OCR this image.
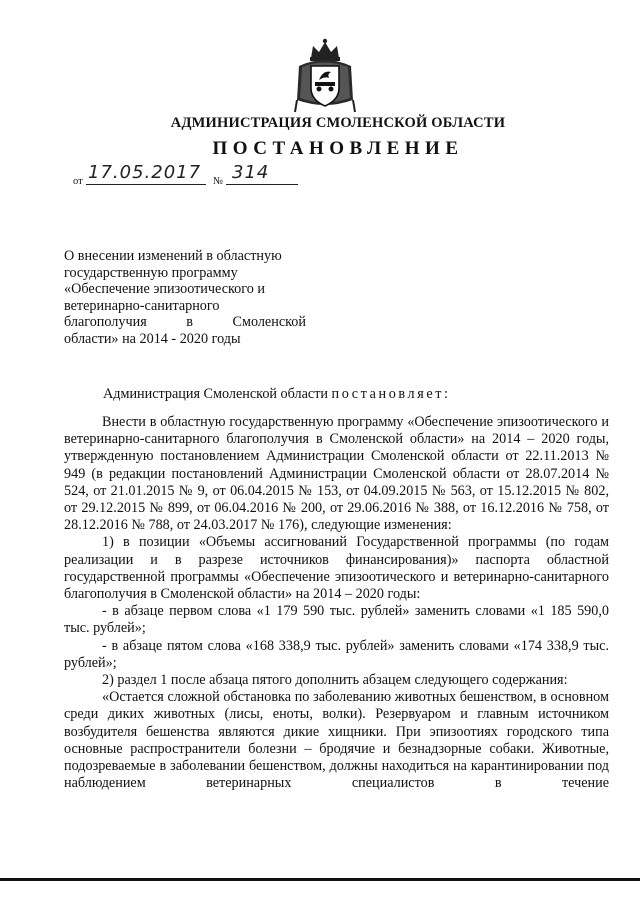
АДМИНИСТРАЦИЯ СМОЛЕНСКОЙ ОБЛАСТИ
ПОСТАНОВЛЕНИЕ
от 17.05.2017 № 314
О внесении изменений в областную
государственную программу
«Обеспечение эпизоотического и
ветеринарно-санитарного
благополучия	в	Смоленской
области» на 2014 - 2020 годы
Администрация Смоленской области постановляет:

Внести в областную государственную программу «Обеспечение эпизоотического и ветеринарно-санитарного благополучия в Смоленской области» на 2014 – 2020 годы, утвержденную постановлением Администрации Смоленской области от 22.11.2013 № 949 (в редакции постановлений Администрации Смоленской области от 28.07.2014 № 524, от 21.01.2015 № 9, от 06.04.2015 № 153, от 04.09.2015 № 563, от 15.12.2015 № 802, от 29.12.2015 № 899, от 06.04.2016 № 200, от 29.06.2016 № 388, от 16.12.2016 № 758, от 28.12.2016 № 788, от 24.03.2017 № 176), следующие изменения:

1) в позиции «Объемы ассигнований Государственной программы (по годам реализации и в разрезе источников финансирования)» паспорта областной государственной программы «Обеспечение эпизоотического и ветеринарно-санитарного благополучия в Смоленской области» на 2014 – 2020 годы:

- в абзаце первом слова «1 179 590 тыс. рублей» заменить словами «1 185 590,0 тыс. рублей»;

- в абзаце пятом слова «168 338,9 тыс. рублей» заменить словами «174 338,9 тыс. рублей»;

2) раздел 1 после абзаца пятого дополнить абзацем следующего содержания:

«Остается сложной обстановка по заболеванию животных бешенством, в основном среди диких животных (лисы, еноты, волки). Резервуаром и главным источником возбудителя бешенства являются дикие хищники. При эпизоотиях городского типа основные распространители болезни – бродячие и безнадзорные собаки. Животные, подозреваемые в заболевании бешенством, должны находиться на карантинировании под наблюдением ветеринарных специалистов в течение
